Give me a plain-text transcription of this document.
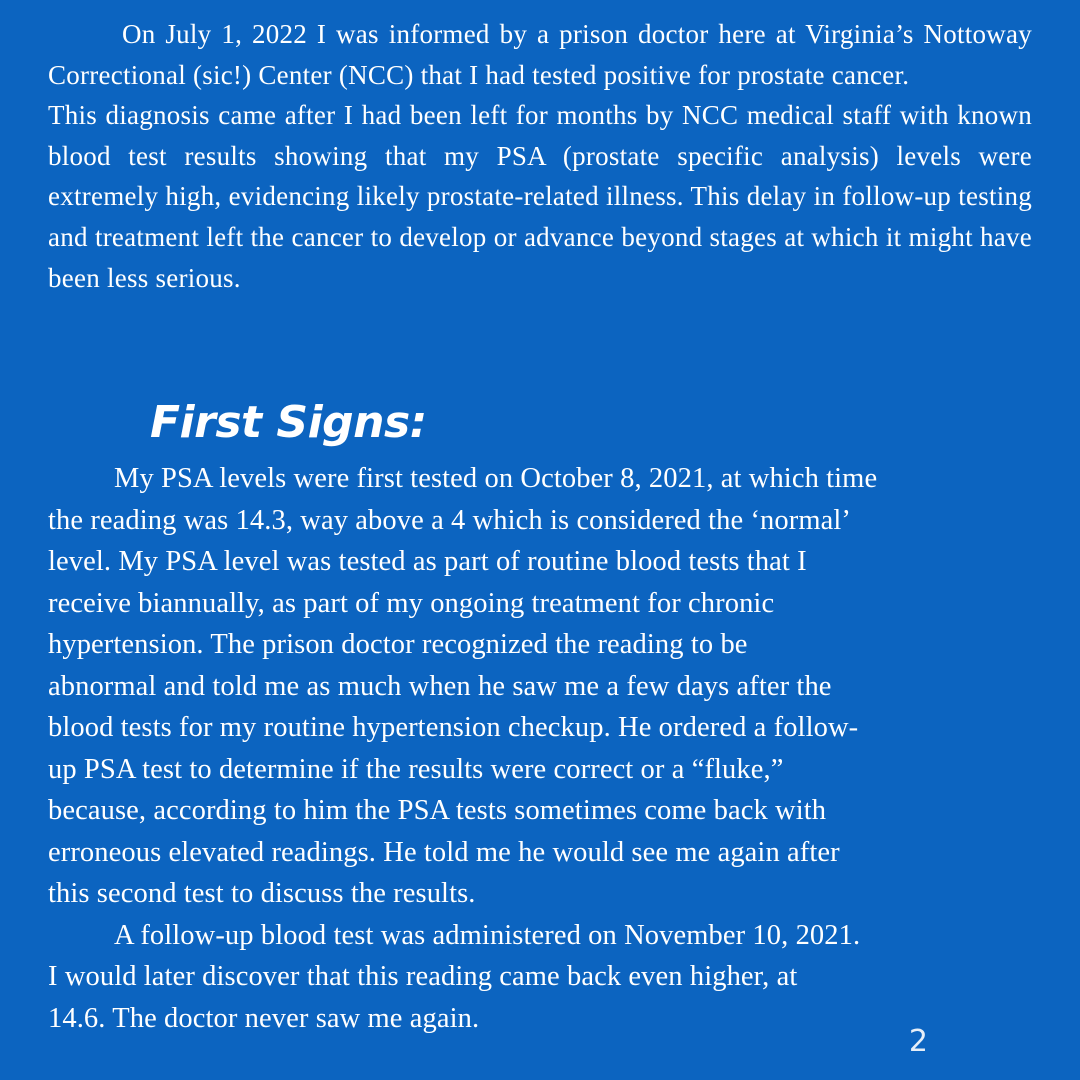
On July 1, 2022 I was informed by a prison doctor here at Virginia’s Nottoway Correctional (sic!) Center (NCC) that I had tested positive for prostate cancer.

This diagnosis came after I had been left for months by NCC medical staff with known blood test results showing that my PSA (prostate specific analysis) levels were extremely high, evidencing likely prostate-related illness. This delay in follow-up testing and treatment left the cancer to develop or advance beyond stages at which it might have been less serious.

First Signs:
My PSA levels were first tested on October 8, 2021, at which time
the reading was 14.3, way above a 4 which is considered the ‘normal’
level. My PSA level was tested as part of routine blood tests that I
receive biannually, as part of my ongoing treatment for chronic
hypertension. The prison doctor recognized the reading to be
abnormal and told me as much when he saw me a few days after the
blood tests for my routine hypertension checkup. He ordered a follow-
up PSA test to determine if the results were correct or a “fluke,”
because, according to him the PSA tests sometimes come back with
erroneous elevated readings. He told me he would see me again after
this second test to discuss the results.
A follow-up blood test was administered on November 10, 2021.
I would later discover that this reading came back even higher, at
14.6. The doctor never saw me again.
2
